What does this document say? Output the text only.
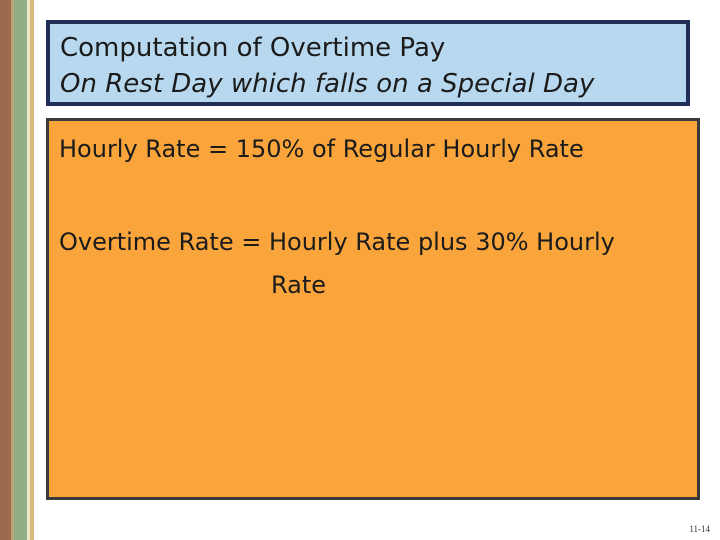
Computation of Overtime Pay
On Rest Day which falls on a Special Day
Hourly Rate = 150% of Regular Hourly Rate
Overtime Rate = Hourly Rate plus 30% Hourly
Rate
11-14
